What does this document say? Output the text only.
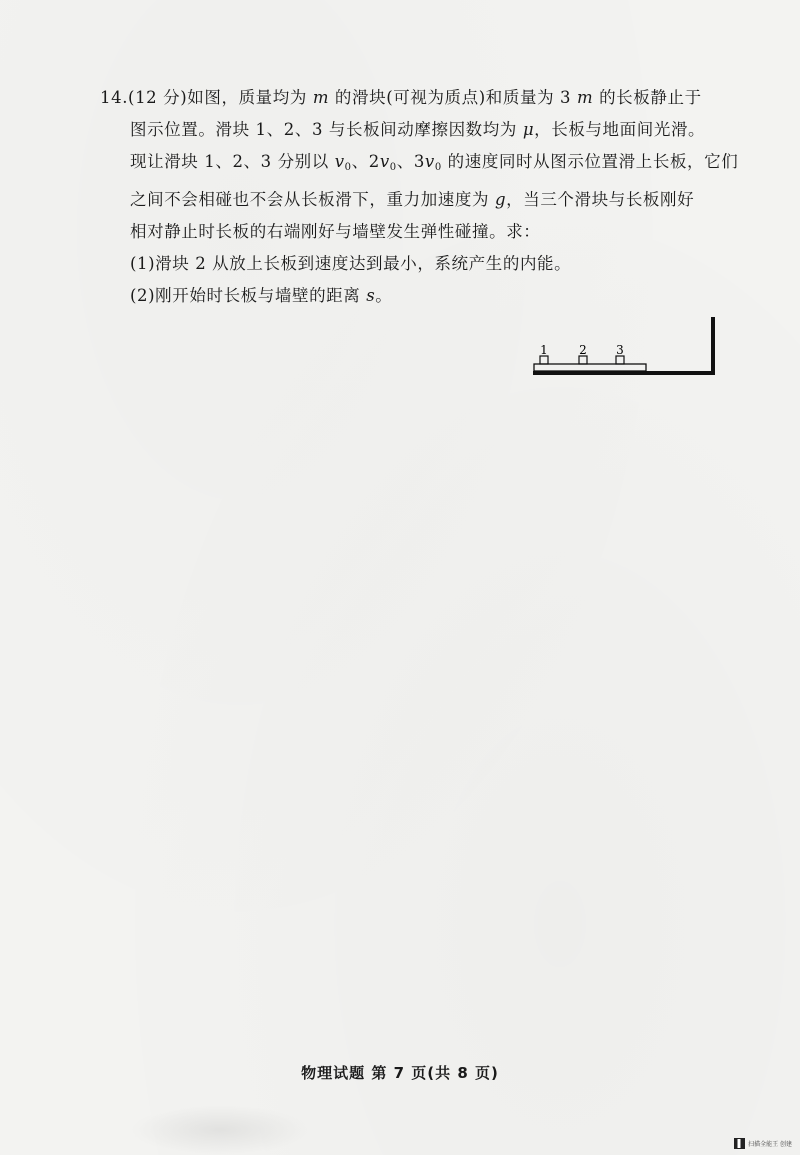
14.(12 分)如图，质量均为 m 的滑块(可视为质点)和质量为 3 m 的长板静止于
图示位置。滑块 1、2、3 与长板间动摩擦因数均为 μ，长板与地面间光滑。
现让滑块 1、2、3 分别以 $v_0$、$2v_0$、$3v_0$ 的速度同时从图示位置滑上长板，它们
之间不会相碰也不会从长板滑下，重力加速度为 g，当三个滑块与长板刚好
相对静止时长板的右端刚好与墙壁发生弹性碰撞。求：
(1)滑块 2 从放上长板到速度达到最小，系统产生的内能。
(2)刚开始时长板与墙壁的距离 s。
1	2 3
物理试题 第 7 页(共 8 页)
扫描全能王 创建
